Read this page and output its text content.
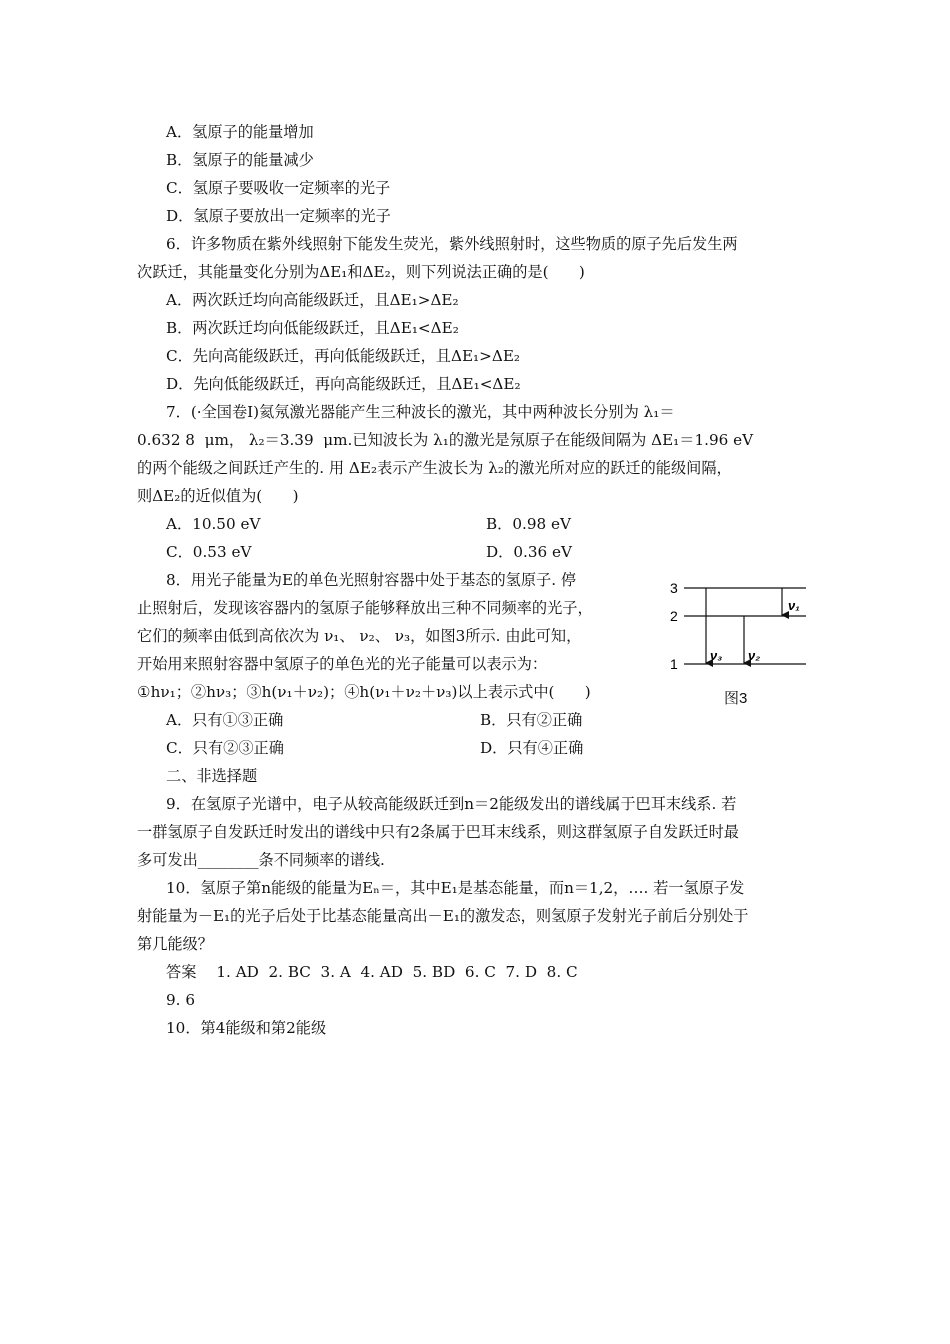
A．氢原子的能量增加
B．氢原子的能量减少
C．氢原子要吸收一定频率的光子
D．氢原子要放出一定频率的光子
6．许多物质在紫外线照射下能发生荧光，紫外线照射时，这些物质的原子先后发生两
次跃迁，其能量变化分别为ΔE₁和ΔE₂，则下列说法正确的是(　　)
A．两次跃迁均向高能级跃迁，且ΔE₁>ΔE₂
B．两次跃迁均向低能级跃迁，且ΔE₁<ΔE₂
C．先向高能级跃迁，再向低能级跃迁，且ΔE₁>ΔE₂
D．先向低能级跃迁，再向高能级跃迁，且ΔE₁<ΔE₂
7．(·全国卷Ⅰ)氦氖激光器能产生三种波长的激光，其中两种波长分别为 λ₁＝
0.632 8  μm， λ₂＝3.39  μm.已知波长为 λ₁的激光是氖原子在能级间隔为 ΔE₁＝1.96 eV
的两个能级之间跃迁产生的. 用 ΔE₂表示产生波长为 λ₂的激光所对应的跃迁的能级间隔，
则ΔE₂的近似值为(　　)
A．10.50 eV	B．0.98 eV
C．0.53 eV	D．0.36 eV
8．用光子能量为E的单色光照射容器中处于基态的氢原子. 停
止照射后，发现该容器内的氢原子能够释放出三种不同频率的光子，
它们的频率由低到高依次为 ν₁、 ν₂、 ν₃，如图3所示. 由此可知，
开始用来照射容器中氢原子的单色光的光子能量可以表示为：
①hν₁；②hν₃；③h(ν₁＋ν₂)；④h(ν₁＋ν₂＋ν₃)以上表示式中(　　)
3
2
1
ν₁
ν₂
ν₃
图3
A．只有①③正确	B．只有②正确
C．只有②③正确	D．只有④正确
二、非选择题
9．在氢原子光谱中，电子从较高能级跃迁到n＝2能级发出的谱线属于巴耳末线系. 若
一群氢原子自发跃迁时发出的谱线中只有2条属于巴耳末线系，则这群氢原子自发跃迁时最
多可发出________条不同频率的谱线.
10．氢原子第n能级的能量为Eₙ＝，其中E₁是基态能量，而n＝1,2，…. 若一氢原子发
射能量为－E₁的光子后处于比基态能量高出－E₁的激发态，则氢原子发射光子前后分别处于
第几能级？
答案　 1. AD  2. BC  3. A  4. AD  5. BD  6. C  7. D  8. C
9. 6
10．第4能级和第2能级
